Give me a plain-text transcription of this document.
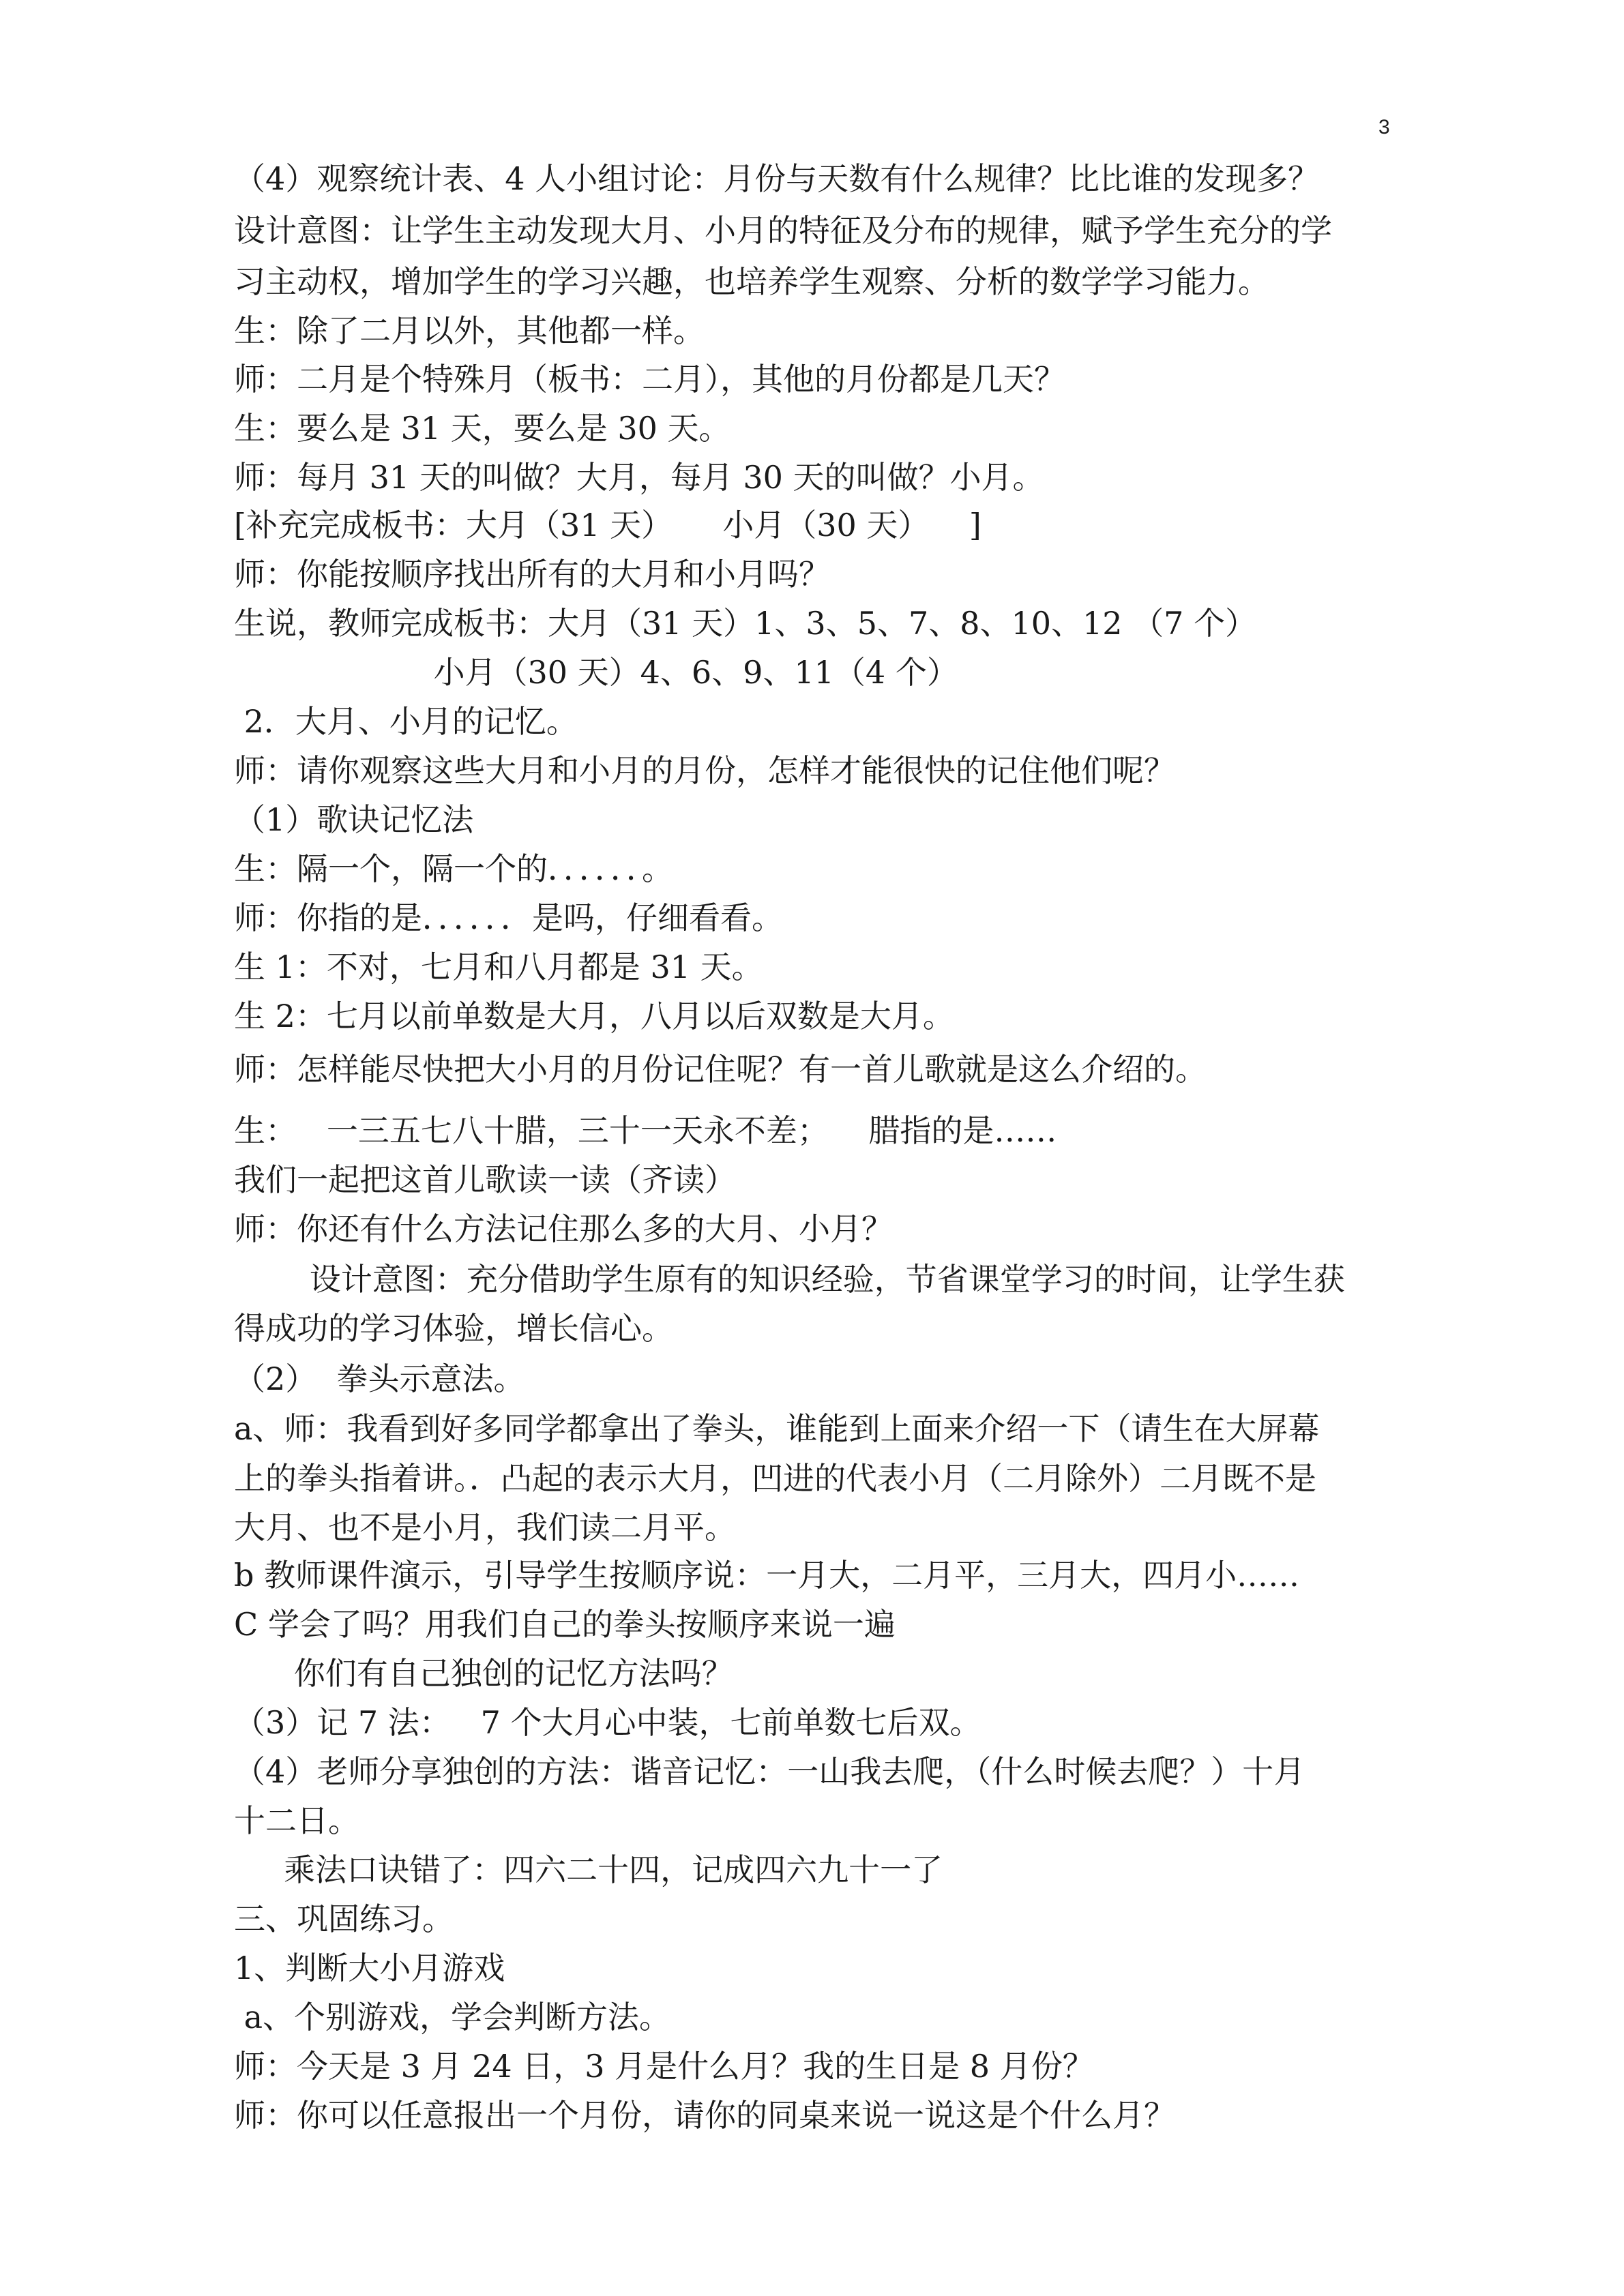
3
（4）观察统计表、4 人小组讨论：月份与天数有什么规律？比比谁的发现多？
设计意图：让学生主动发现大月、小月的特征及分布的规律，赋予学生充分的学
习主动权，增加学生的学习兴趣，也培养学生观察、分析的数学学习能力。
生：除了二月以外，其他都一样。
师：二月是个特殊月（板书：二月），其他的月份都是几天？
生：要么是 31 天，要么是 30 天。
师：每月 31 天的叫做？大月，每月 30 天的叫做？小月。
[补充完成板书：大月（31 天）     小月（30 天）    ]
师：你能按顺序找出所有的大月和小月吗？
生说，教师完成板书：大月（31 天）1、3、5、7、8、10、12 （7 个）
小月（30 天）4、6、9、11（4 个）
2．大月、小月的记忆。
师：请你观察这些大月和小月的月份，怎样才能很快的记住他们呢？
（1）歌诀记忆法
生：隔一个，隔一个的．．．．．．。
师：你指的是．．．．．．是吗，仔细看看。
生 1：不对，七月和八月都是 31 天。
生 2：七月以前单数是大月，八月以后双数是大月。
师：怎样能尽快把大小月的月份记住呢？有一首儿歌就是这么介绍的。
生：   一三五七八十腊，三十一天永不差；    腊指的是……
我们一起把这首儿歌读一读（齐读）
师：你还有什么方法记住那么多的大月、小月？
设计意图：充分借助学生原有的知识经验，节省课堂学习的时间，让学生获
得成功的学习体验，增长信心。
（2）  拳头示意法。
a、师：我看到好多同学都拿出了拳头，谁能到上面来介绍一下（请生在大屏幕
上的拳头指着讲。．凸起的表示大月，凹进的代表小月（二月除外）二月既不是
大月、也不是小月，我们读二月平。
b 教师课件演示，引导学生按顺序说：一月大，二月平，三月大，四月小……
C 学会了吗？用我们自己的拳头按顺序来说一遍
你们有自己独创的记忆方法吗？
（3）记 7 法：   7 个大月心中装，七前单数七后双。
（4）老师分享独创的方法：谐音记忆：一山我去爬，（什么时候去爬？）十月
十二日。
乘法口诀错了：四六二十四，记成四六九十一了
三、巩固练习。
1、判断大小月游戏
a、个别游戏，学会判断方法。
师：今天是 3 月 24 日，3 月是什么月？我的生日是 8 月份？
师：你可以任意报出一个月份，请你的同桌来说一说这是个什么月？
